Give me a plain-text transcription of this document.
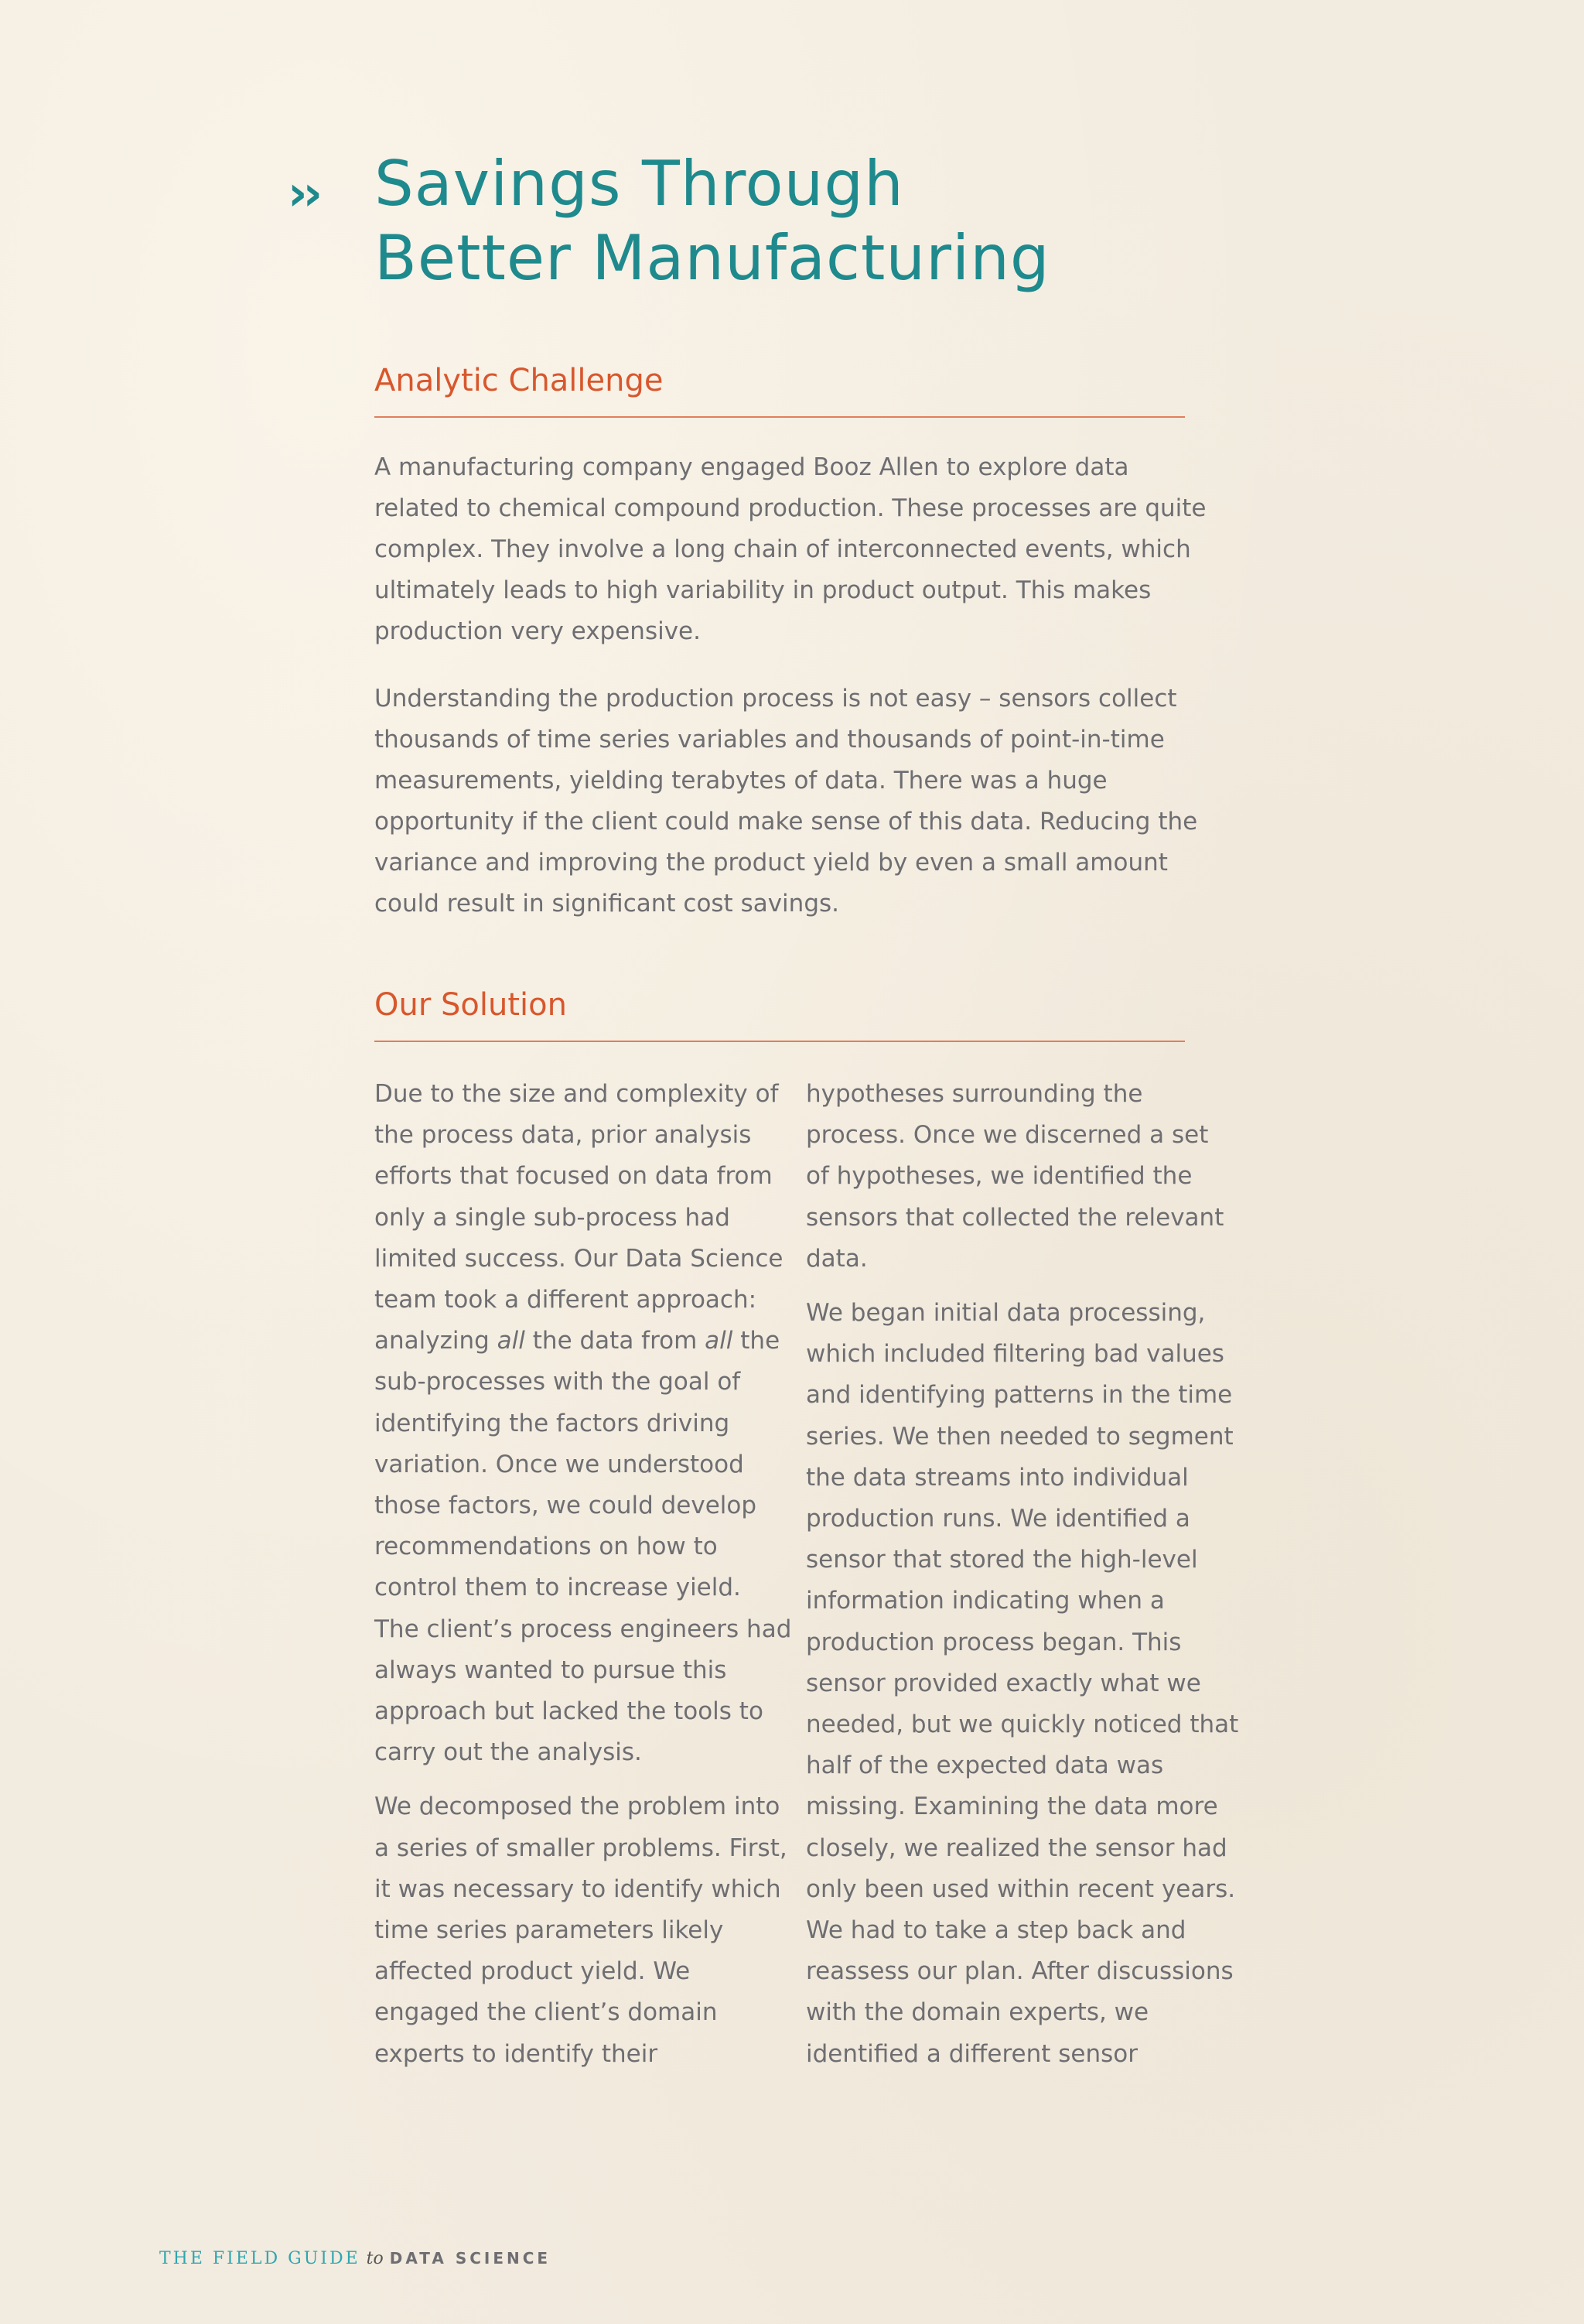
›› Savings Through
Better Manufacturing
Analytic Challenge

A manufacturing company engaged Booz Allen to explore data related to chemical compound production. These processes are quite complex. They involve a long chain of interconnected events, which ultimately leads to high variability in product output. This makes production very expensive.

Understanding the production process is not easy – sensors collect thousands of time series variables and thousands of point-in-time measurements, yielding terabytes of data. There was a huge opportunity if the client could make sense of this data. Reducing the variance and improving the product yield by even a small amount could result in significant cost savings.

Our Solution

Due to the size and complexity of the process data, prior analysis efforts that focused on data from only a single sub-process had limited success. Our Data Science team took a different approach: analyzing all the data from all the sub-processes with the goal of identifying the factors driving variation. Once we understood those factors, we could develop recommendations on how to control them to increase yield. The client’s process engineers had always wanted to pursue this approach but lacked the tools to carry out the analysis.

We decomposed the problem into a series of smaller problems. First, it was necessary to identify which time series parameters likely affected product yield. We engaged the client’s domain experts to identify their

hypotheses surrounding the process. Once we discerned a set of hypotheses, we identified the sensors that collected the relevant data.

We began initial data processing, which included filtering bad values and identifying patterns in the time series. We then needed to segment the data streams into individual production runs. We identified a sensor that stored the high-level information indicating when a production process began. This sensor provided exactly what we needed, but we quickly noticed that half of the expected data was missing. Examining the data more closely, we realized the sensor had only been used within recent years. We had to take a step back and reassess our plan. After discussions with the domain experts, we identified a different sensor

THE FIELD GUIDE to DATA SCIENCE
